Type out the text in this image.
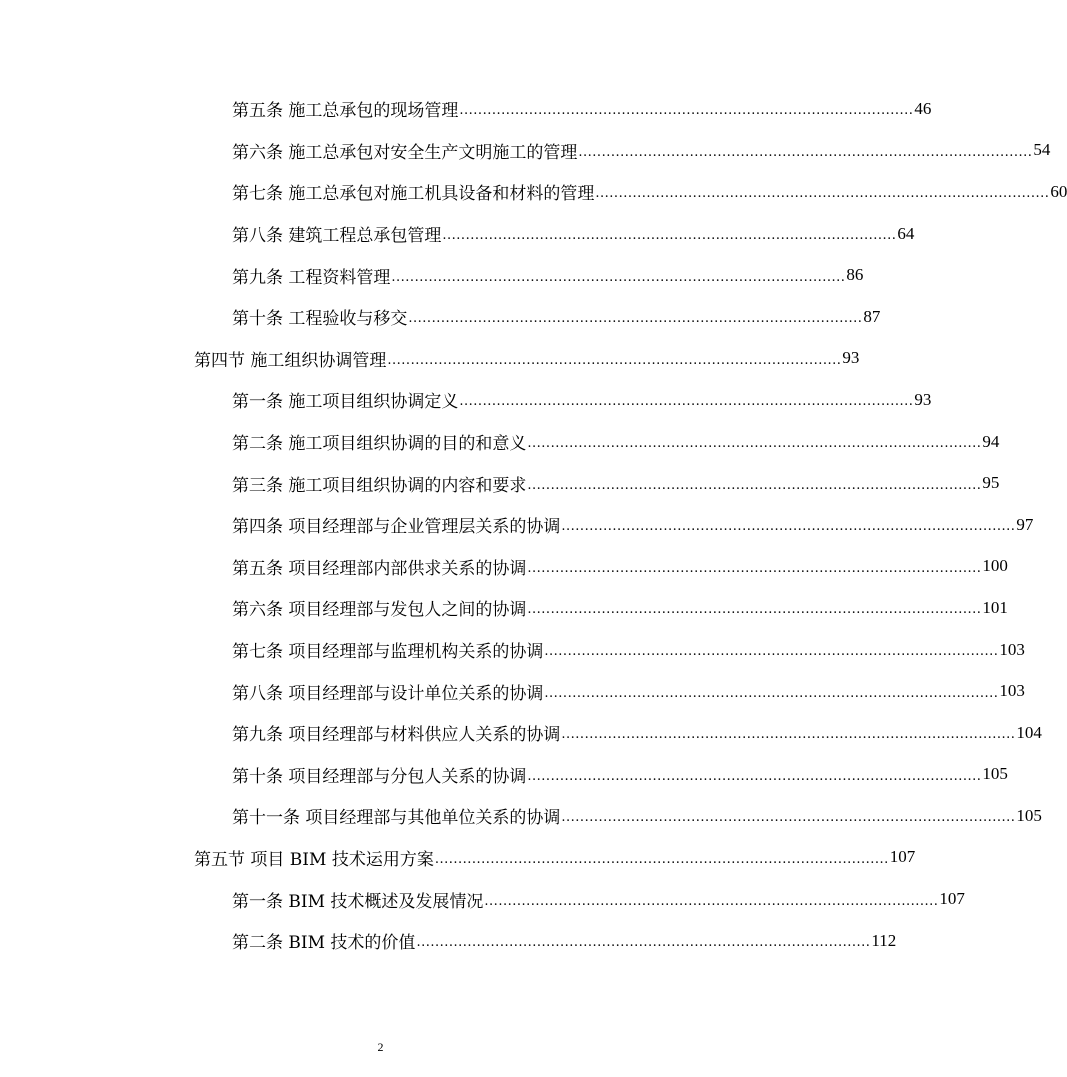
第五条 施工总承包的现场管理 .................................................................................................. 46
第六条 施工总承包对安全生产文明施工的管理 .................................................................................................. 54
第七条 施工总承包对施工机具设备和材料的管理 .................................................................................................. 60
第八条 建筑工程总承包管理 .................................................................................................. 64
第九条 工程资料管理 .................................................................................................. 86
第十条 工程验收与移交 .................................................................................................. 87
第四节 施工组织协调管理 .................................................................................................. 93
第一条 施工项目组织协调定义 .................................................................................................. 93
第二条 施工项目组织协调的目的和意义 .................................................................................................. 94
第三条 施工项目组织协调的内容和要求 .................................................................................................. 95
第四条 项目经理部与企业管理层关系的协调 .................................................................................................. 97
第五条 项目经理部内部供求关系的协调 .................................................................................................. 100
第六条 项目经理部与发包人之间的协调 .................................................................................................. 101
第七条 项目经理部与监理机构关系的协调 .................................................................................................. 103
第八条 项目经理部与设计单位关系的协调 .................................................................................................. 103
第九条 项目经理部与材料供应人关系的协调 .................................................................................................. 104
第十条 项目经理部与分包人关系的协调 .................................................................................................. 105
第十一条 项目经理部与其他单位关系的协调 .................................................................................................. 105
第五节 项目 BIM 技术运用方案 .................................................................................................. 107
第一条 BIM 技术概述及发展情况 .................................................................................................. 107
第二条 BIM 技术的价值 .................................................................................................. 112
2
